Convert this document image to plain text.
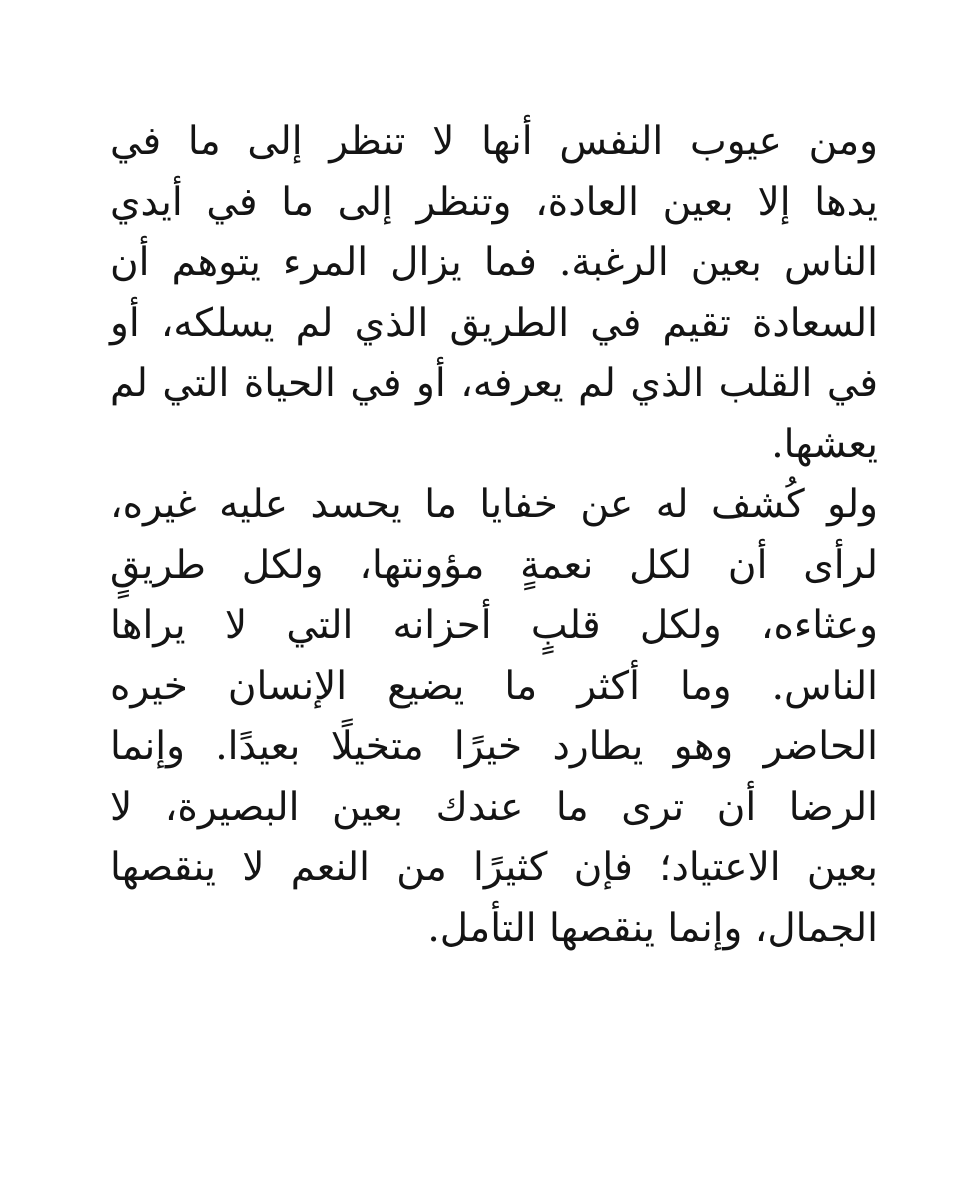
ومن عيوب النفس أنها لا تنظر إلى ما في
يدها إلا بعين العادة، وتنظر إلى ما في أيدي
الناس بعين الرغبة. فما يزال المرء يتوهم أن
السعادة تقيم في الطريق الذي لم يسلكه، أو
في القلب الذي لم يعرفه، أو في الحياة التي لم
يعشها.
ولو كُشف له عن خفايا ما يحسد عليه غيره،
لرأى أن لكل نعمةٍ مؤونتها، ولكل طريقٍ
وعثاءه، ولكل قلبٍ أحزانه التي لا يراها
الناس. وما أكثر ما يضيع الإنسان خيره
الحاضر وهو يطارد خيرًا متخيلًا بعيدًا. وإنما
الرضا أن ترى ما عندك بعين البصيرة، لا
بعين الاعتياد؛ فإن كثيرًا من النعم لا ينقصها
الجمال، وإنما ينقصها التأمل.
